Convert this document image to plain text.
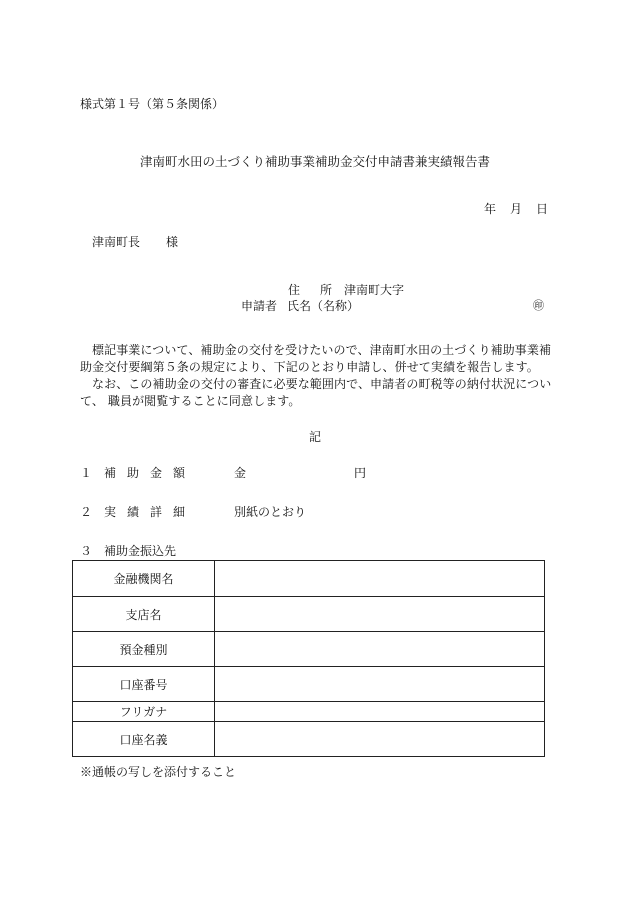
様式第１号（第５条関係）
津南町水田の土づくり補助事業補助金交付申請書兼実績報告書
年 月 日
津南町長 様
住 所 津南町大字
申請者 氏名（名称）	㊞
標記事業について、補助金の交付を受けたいので、津南町水田の土づくり補助事業補助金交付要綱第５条の規定により、下記のとおり申請し、併せて実績を報告します。
なお、この補助金の交付の審査に必要な範囲内で、申請者の町税等の納付状況について、 職員が閲覧することに同意します。
記
１ 補助金額	金	円
２ 実績詳細	別紙のとおり
３ 補助金振込先
金融機関名	
支店名	
預金種別	
口座番号	
フリガナ	
口座名義	
※通帳の写しを添付すること
